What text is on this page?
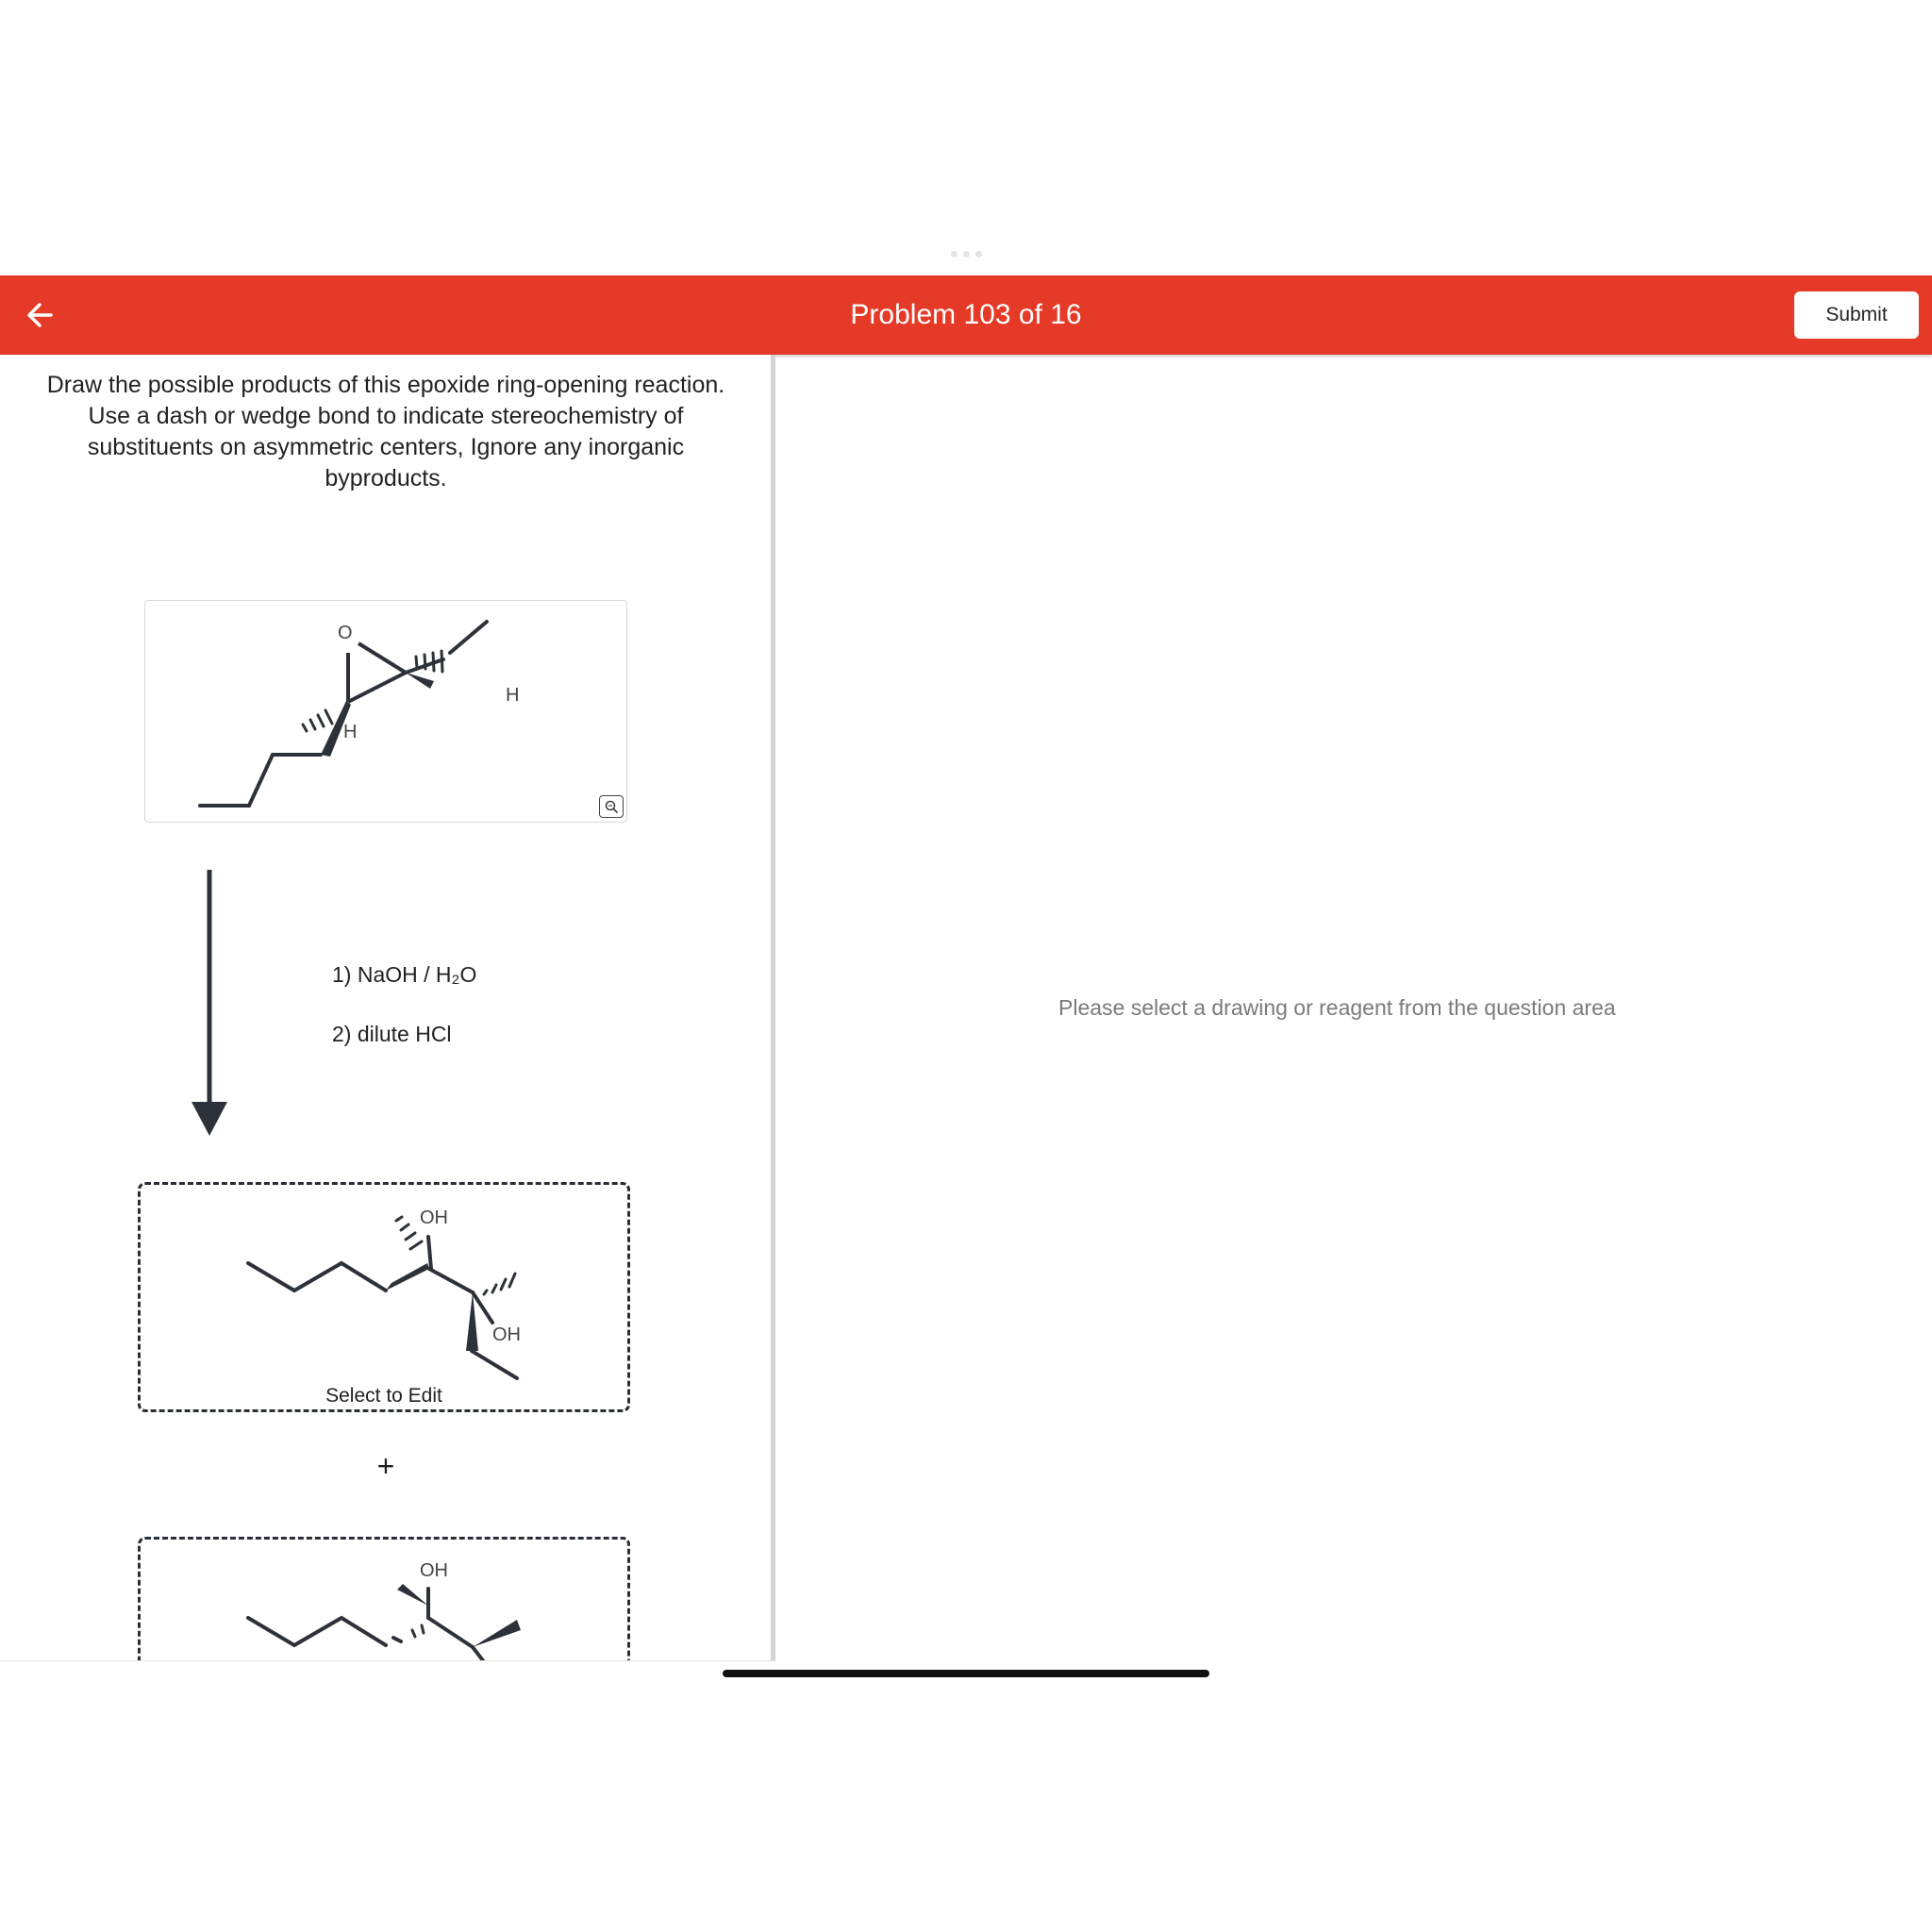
Problem 103 of 16	Submit
Draw the possible products of this epoxide ring-opening reaction. Use a dash or wedge bond to indicate stereochemistry of substituents on asymmetric centers, Ignore any inorganic byproducts.
O
H
H
1) NaOH / H₂O
2) dilute HCl
OH
OH
Select to Edit
+
OH
Please select a drawing or reagent from the question area
